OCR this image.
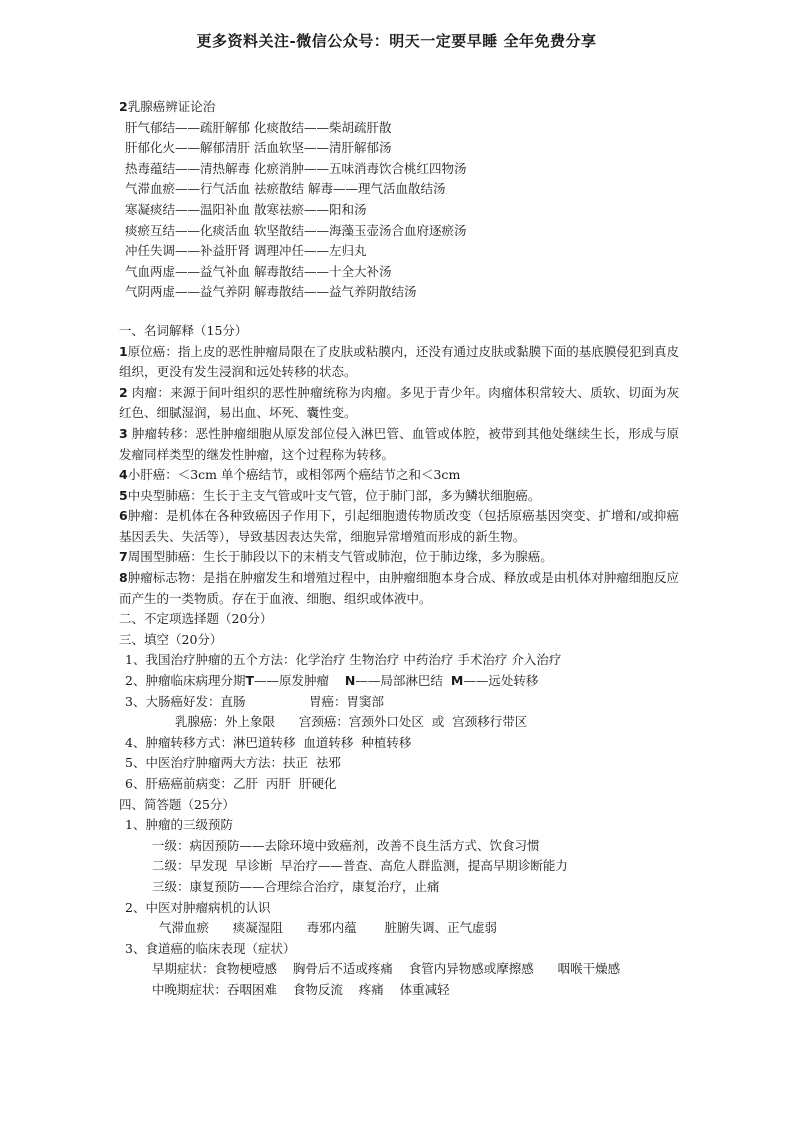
更多资料关注-微信公众号：明天一定要早睡 全年免费分享
2乳腺癌辨证论治
肝气郁结——疏肝解郁 化痰散结——柴胡疏肝散
肝郁化火——解郁清肝 活血软坚——清肝解郁汤
热毒蕴结——清热解毒 化瘀消肿——五味消毒饮合桃红四物汤
气滞血瘀——行气活血 祛瘀散结 解毒——理气活血散结汤
寒凝痰结——温阳补血 散寒祛瘀——阳和汤
痰瘀互结——化痰活血 软坚散结——海藻玉壶汤合血府逐瘀汤
冲任失调——补益肝肾 调理冲任——左归丸
气血两虚——益气补血 解毒散结——十全大补汤
气阴两虚——益气养阴 解毒散结——益气养阴散结汤
一、名词解释（15分）
1原位癌：指上皮的恶性肿瘤局限在了皮肤或粘膜内，还没有通过皮肤或黏膜下面的基底膜侵犯到真皮组织，更没有发生浸润和远处转移的状态。
2 肉瘤：来源于间叶组织的恶性肿瘤统称为肉瘤。多见于青少年。肉瘤体积常较大、质软、切面为灰红色、细腻湿润，易出血、坏死、囊性变。
3 肿瘤转移：恶性肿瘤细胞从原发部位侵入淋巴管、血管或体腔，被带到其他处继续生长，形成与原发瘤同样类型的继发性肿瘤，这个过程称为转移。
4小肝癌：＜3cm 单个癌结节，或相邻两个癌结节之和＜3cm
5中央型肺癌：生长于主支气管或叶支气管，位于肺门部，多为鳞状细胞癌。
6肿瘤：是机体在各种致癌因子作用下，引起细胞遗传物质改变（包括原癌基因突变、扩增和/或抑癌基因丢失、失活等），导致基因表达失常，细胞异常增殖而形成的新生物。
7周围型肺癌：生长于肺段以下的末梢支气管或肺泡，位于肺边缘，多为腺癌。
8肿瘤标志物：是指在肿瘤发生和增殖过程中，由肿瘤细胞本身合成、释放或是由机体对肿瘤细胞反应而产生的一类物质。存在于血液、细胞、组织或体液中。
二、不定项选择题（20分）
三、填空（20分）
1、我国治疗肿瘤的五个方法：化学治疗 生物治疗 中药治疗 手术治疗 介入治疗
2、肿瘤临床病理分期T——原发肿瘤 N——局部淋巴结 M——远处转移
3、大肠癌好发：直肠                胃癌：胃窦部
乳腺癌：外上象限      宫颈癌：宫颈外口处区  或  宫颈移行带区
4、肿瘤转移方式：淋巴道转移  血道转移  种植转移
5、中医治疗肿瘤两大方法：扶正  祛邪
6、肝癌癌前病变：乙肝  丙肝  肝硬化
四、简答题（25分）
1、肿瘤的三级预防
一级：病因预防——去除环境中致癌剂，改善不良生活方式、饮食习惯
二级：早发现  早诊断  早治疗——普查、高危人群监测，提高早期诊断能力
三级：康复预防——合理综合治疗，康复治疗，止痛
2、中医对肿瘤病机的认识
气滞血瘀      痰凝湿阻      毒邪内蕴       脏腑失调、正气虚弱
3、食道癌的临床表现（症状）
早期症状：食物梗噎感    胸骨后不适或疼痛    食管内异物感或摩擦感      咽喉干燥感
中晚期症状：吞咽困难    食物反流    疼痛    体重减轻
